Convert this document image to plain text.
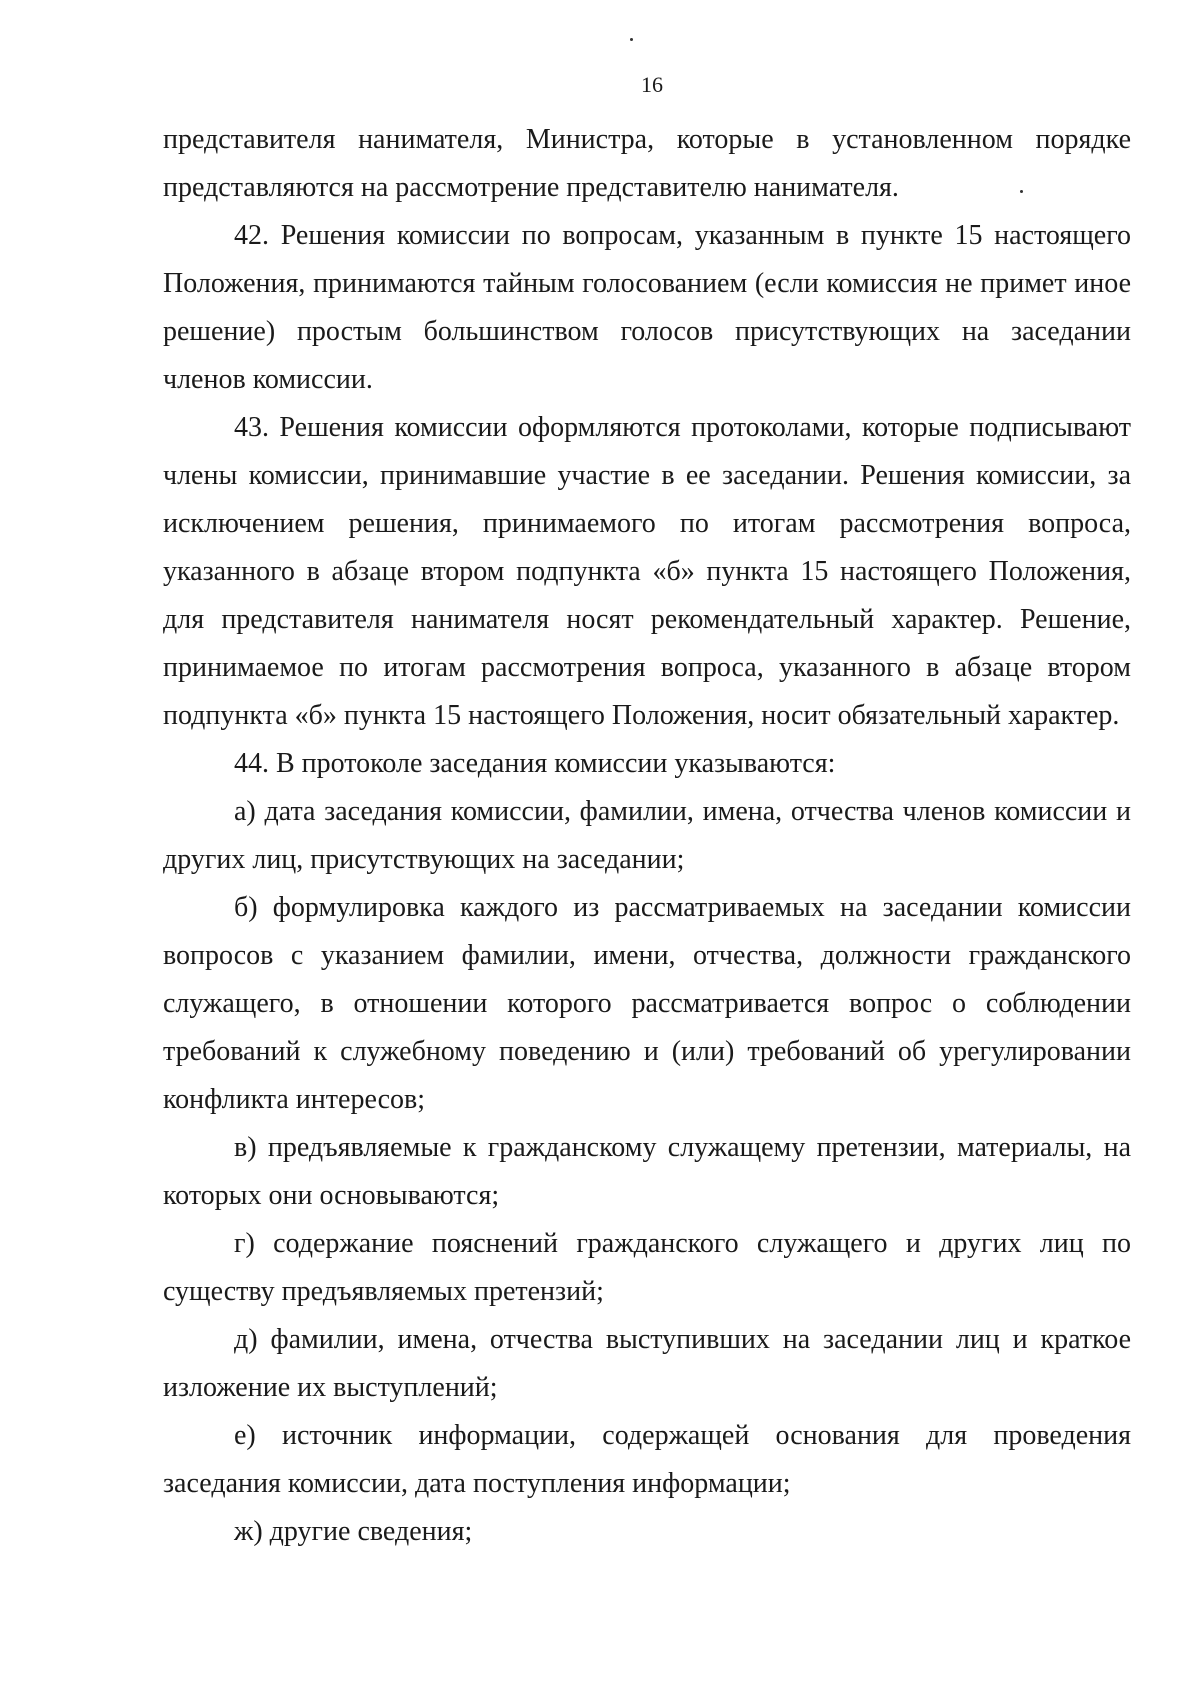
16

представителя нанимателя, Министра, которые в установленном порядке представляются на рассмотрение представителю нанимателя.

42. Решения комиссии по вопросам, указанным в пункте 15 настоящего Положения, принимаются тайным голосованием (если комиссия не примет иное решение) простым большинством голосов присутствующих на заседании членов комиссии.

43. Решения комиссии оформляются протоколами, которые подписывают члены комиссии, принимавшие участие в ее заседании. Решения комиссии, за исключением решения, принимаемого по итогам рассмотрения вопроса, указанного в абзаце втором подпункта «б» пункта 15 настоящего Положения, для представителя нанимателя носят рекомендательный характер. Решение, принимаемое по итогам рассмотрения вопроса, указанного в абзаце втором подпункта «б» пункта 15 настоящего Положения, носит обязательный характер.

44. В протоколе заседания комиссии указываются:

а) дата заседания комиссии, фамилии, имена, отчества членов комиссии и других лиц, присутствующих на заседании;

б) формулировка каждого из рассматриваемых на заседании комиссии вопросов с указанием фамилии, имени, отчества, должности гражданского служащего, в отношении которого рассматривается вопрос о соблюдении требований к служебному поведению и (или) требований об урегулировании конфликта интересов;

в) предъявляемые к гражданскому служащему претензии, материалы, на которых они основываются;

г) содержание пояснений гражданского служащего и других лиц по существу предъявляемых претензий;

д) фамилии, имена, отчества выступивших на заседании лиц и краткое изложение их выступлений;

е) источник информации, содержащей основания для проведения заседания комиссии, дата поступления информации;

ж) другие сведения;
